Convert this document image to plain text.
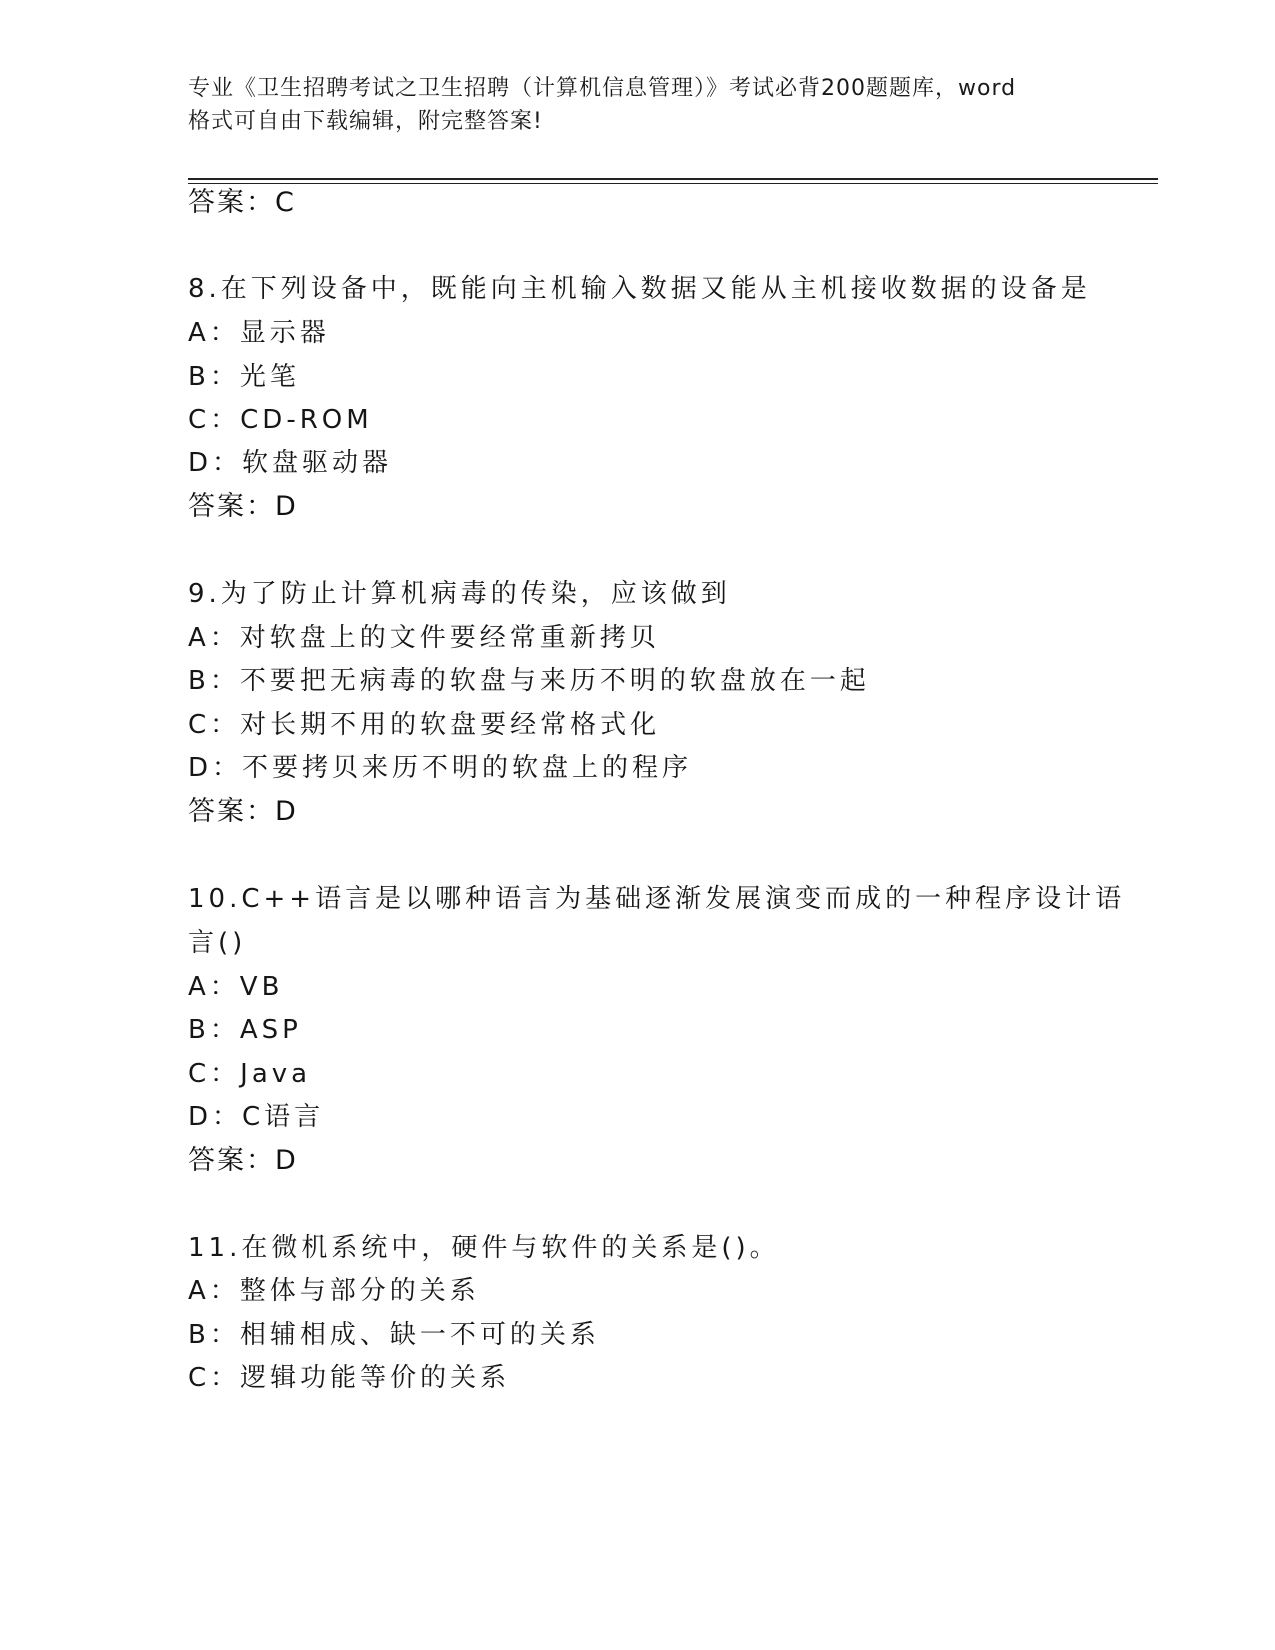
专业《卫生招聘考试之卫生招聘（计算机信息管理）》考试必背200题题库，word
格式可自由下载编辑，附完整答案!
答案：C
8.在下列设备中，既能向主机输入数据又能从主机接收数据的设备是
A：显示器
B：光笔
C：CD-ROM
D：软盘驱动器
答案：D
9.为了防止计算机病毒的传染，应该做到
A：对软盘上的文件要经常重新拷贝
B：不要把无病毒的软盘与来历不明的软盘放在一起
C：对长期不用的软盘要经常格式化
D：不要拷贝来历不明的软盘上的程序
答案：D
10.C++语言是以哪种语言为基础逐渐发展演变而成的一种程序设计语
言()
A：VB
B：ASP
C：Java
D：C语言
答案：D
11.在微机系统中，硬件与软件的关系是()。
A：整体与部分的关系
B：相辅相成、缺一不可的关系
C：逻辑功能等价的关系
